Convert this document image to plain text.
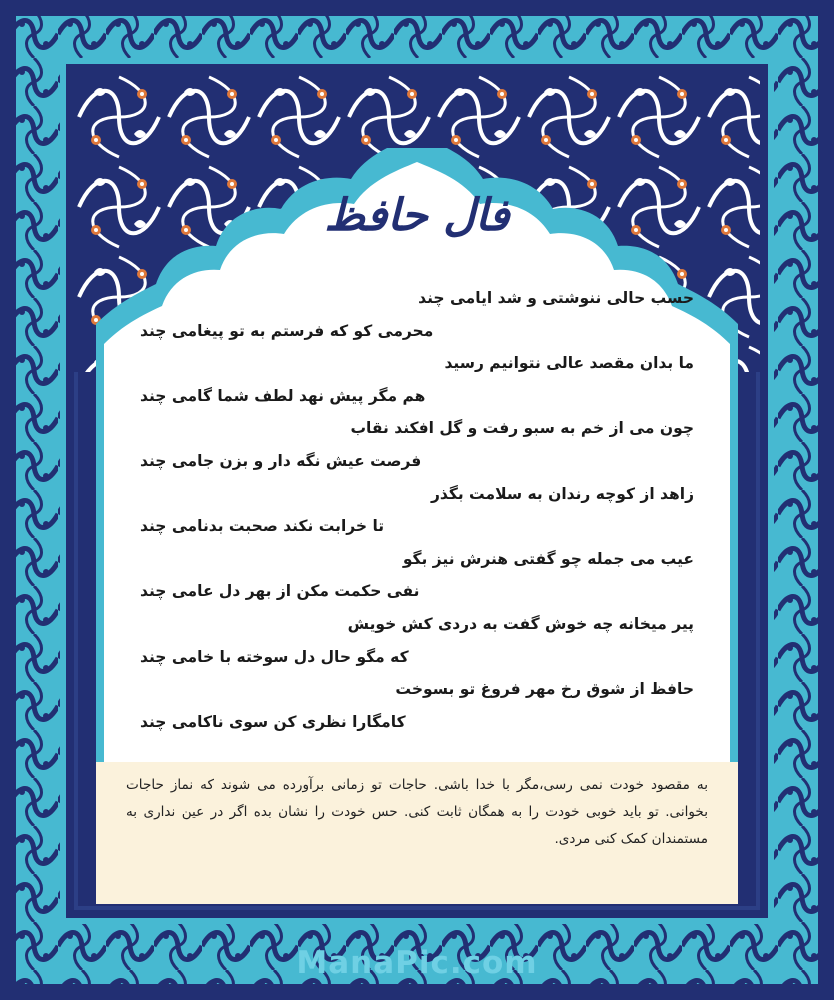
به مقصود خودت نمی رسی،مگر با خدا باشی. حاجات تو زمانی برآورده می شوند که نماز حاجات بخوانی. تو باید خوبی خودت را به همگان ثابت کنی. حس خودت را نشان بده اگر در عین نداری به مستمندان کمک کنی مردی.
فال حافظ
حسب حالی ننوشتی و شد ایامی چند
محرمی کو که فرستم به تو پیغامی چند
ما بدان مقصد عالی نتوانیم رسید
هم مگر پیش نهد لطف شما گامی چند
چون می از خم به سبو رفت و گل افکند نقاب
فرصت عیش نگه دار و بزن جامی چند
زاهد از کوچه رندان به سلامت بگذر
تا خرابت نکند صحبت بدنامی چند
عیب می جمله چو گفتی هنرش نیز بگو
نفی حکمت مکن از بهر دل عامی چند
پیر میخانه چه خوش گفت به دردی کش خویش
که مگو حال دل سوخته با خامی چند
حافظ از شوق رخ مهر فروغ تو بسوخت
کامگارا نظری کن سوی ناکامی چند
ManaPic.com
